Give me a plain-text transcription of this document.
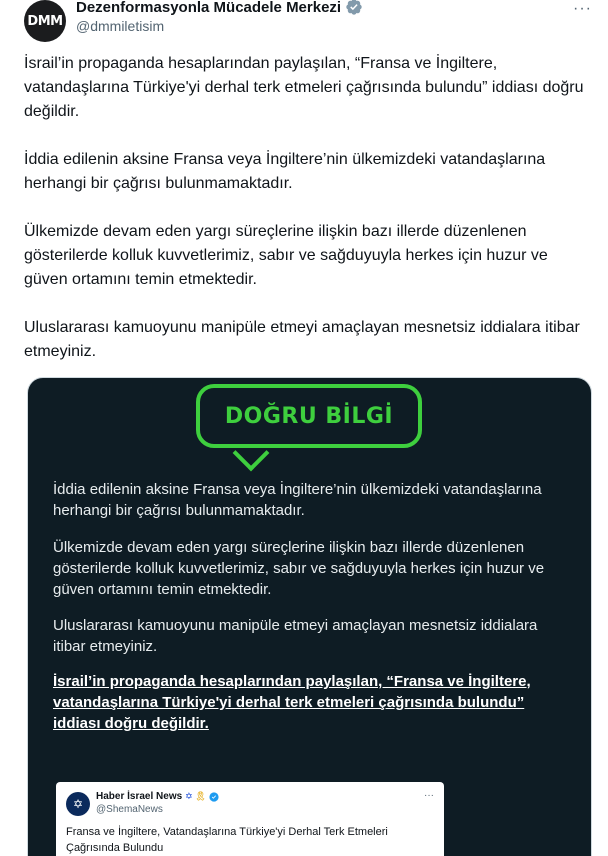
DMM
Dezenformasyonla Mücadele Merkezi
@dmmiletisim
···

İsrail’in propaganda hesaplarından paylaşılan, “Fransa ve İngiltere, vatandaşlarına Türkiye'yi derhal terk etmeleri çağrısında bulundu” iddiası doğru değildir.

İddia edilenin aksine Fransa veya İngiltere’nin ülkemizdeki vatandaşlarına herhangi bir çağrısı bulunmamaktadır.

Ülkemizde devam eden yargı süreçlerine ilişkin bazı illerde düzenlenen gösterilerde kolluk kuvvetlerimiz, sabır ve sağduyuyla herkes için huzur ve güven ortamını temin etmektedir.

Uluslararası kamuoyunu manipüle etmeyi amaçlayan mesnetsiz iddialara itibar etmeyiniz.

DOĞRU BİLGİ
İddia edilenin aksine Fransa veya İngiltere’nin ülkemizdeki vatandaşlarına herhangi bir çağrısı bulunmamaktadır.
Ülkemizde devam eden yargı süreçlerine ilişkin bazı illerde düzenlenen gösterilerde kolluk kuvvetlerimiz, sabır ve sağduyuyla herkes için huzur ve güven ortamını temin etmektedir.
Uluslararası kamuoyunu manipüle etmeyi amaçlayan mesnetsiz iddialara itibar etmeyiniz.
İsrail’in propaganda hesaplarından paylaşılan, “Fransa ve İngiltere, vatandaşlarına Türkiye'yi derhal terk etmeleri çağrısında bulundu” iddiası doğru değildir.
✡
Haber İsrael News ✡ 🎗
@ShemaNews
···
Fransa ve İngiltere, Vatandaşlarına Türkiye'yi Derhal Terk Etmeleri Çağrısında Bulundu
